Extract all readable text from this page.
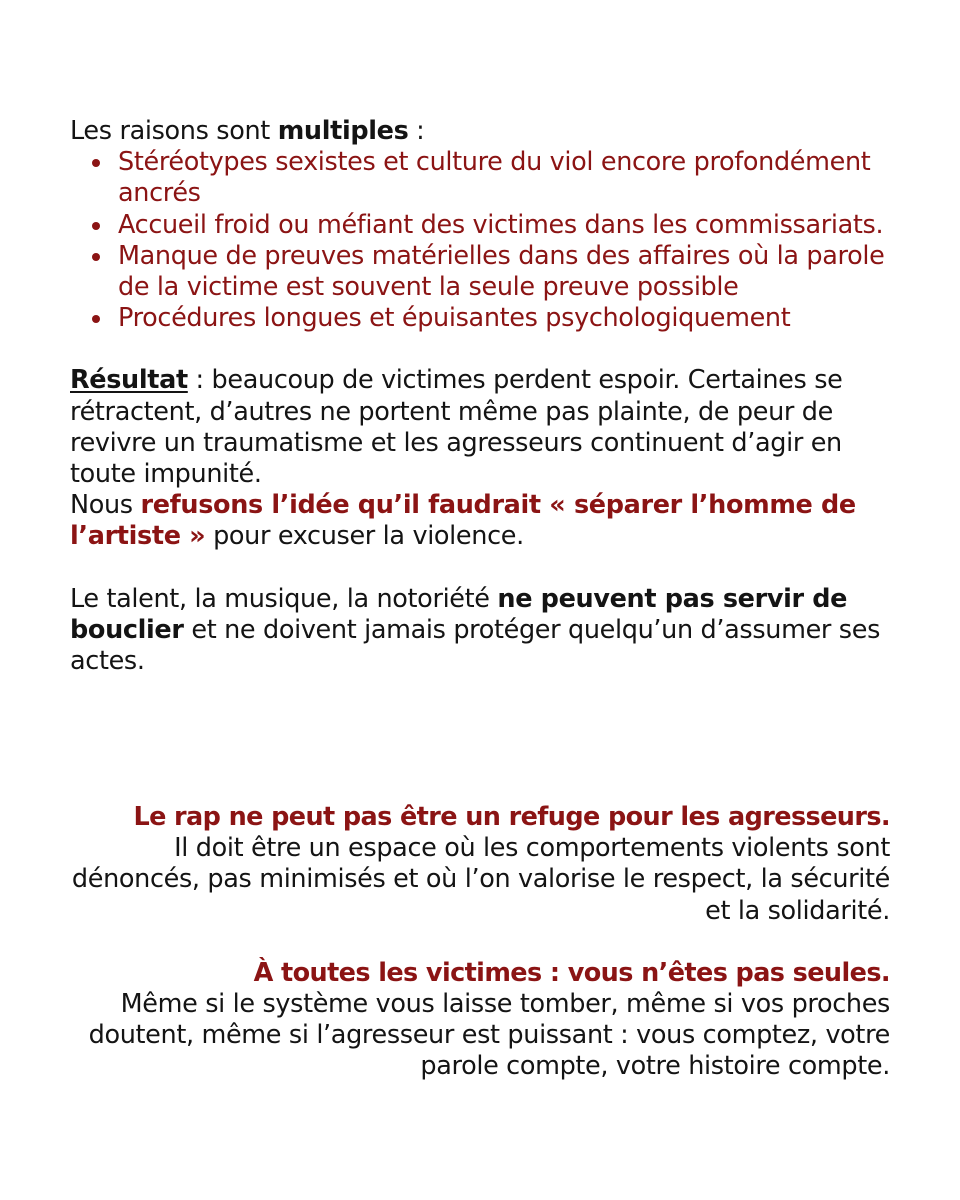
Les raisons sont multiples :

Stéréotypes sexistes et culture du viol encore profondément ancrés
Accueil froid ou méfiant des victimes dans les commissariats.
Manque de preuves matérielles dans des affaires où la parole de la victime est souvent la seule preuve possible
Procédures longues et épuisantes psychologiquement

Résultat : beaucoup de victimes perdent espoir. Certaines se rétractent, d’autres ne portent même pas plainte, de peur de revivre un traumatisme et les agresseurs continuent d’agir en toute impunité.

Nous refusons l’idée qu’il faudrait « séparer l’homme de l’artiste » pour excuser la violence.

Le talent, la musique, la notoriété ne peuvent pas servir de bouclier et ne doivent jamais protéger quelqu’un d’assumer ses actes.

Le rap ne peut pas être un refuge pour les agresseurs.
Il doit être un espace où les comportements violents sont dénoncés, pas minimisés et où l’on valorise le respect, la sécurité et la solidarité.
À toutes les victimes : vous n’êtes pas seules.
Même si le système vous laisse tomber, même si vos proches doutent, même si l’agresseur est puissant : vous comptez, votre parole compte, votre histoire compte.
